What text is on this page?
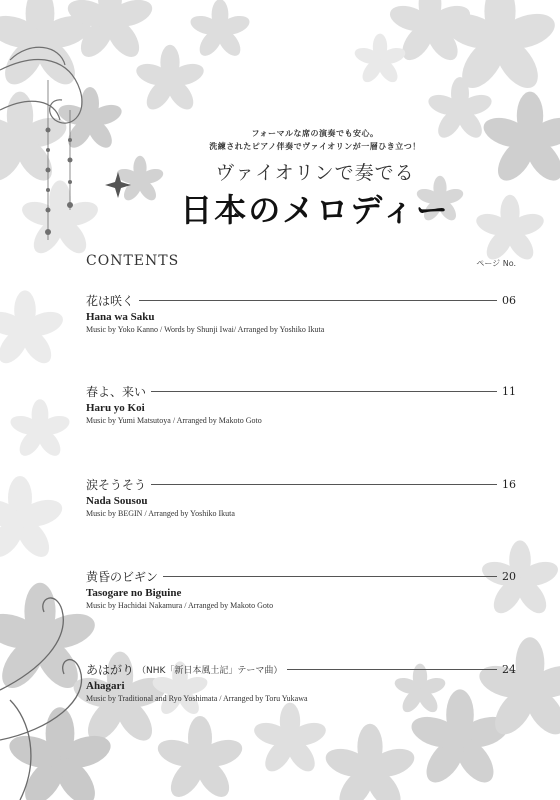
フォーマルな席の演奏でも安心。
洗練されたピアノ伴奏でヴァイオリンが一層ひき立つ！
ヴァイオリンで奏でる
日本のメロディー
CONTENTS	ページ No.
花は咲く	06
Hana wa Saku
Music by Yoko Kanno / Words by Shunji Iwai/ Arranged by Yoshiko Ikuta
春よ、来い	11
Haru yo Koi
Music by Yumi Matsutoya / Arranged by Makoto Goto
涙そうそう	16
Nada Sousou
Music by BEGIN / Arranged by Yoshiko Ikuta
黄昏のビギン	20
Tasogare no Biguine
Music by Hachidai Nakamura / Arranged by Makoto Goto
あはがり （NHK「新日本風土記」テーマ曲）	24
Ahagari
Music by Traditional and Ryo Yoshimata / Arranged by Toru Yukawa
